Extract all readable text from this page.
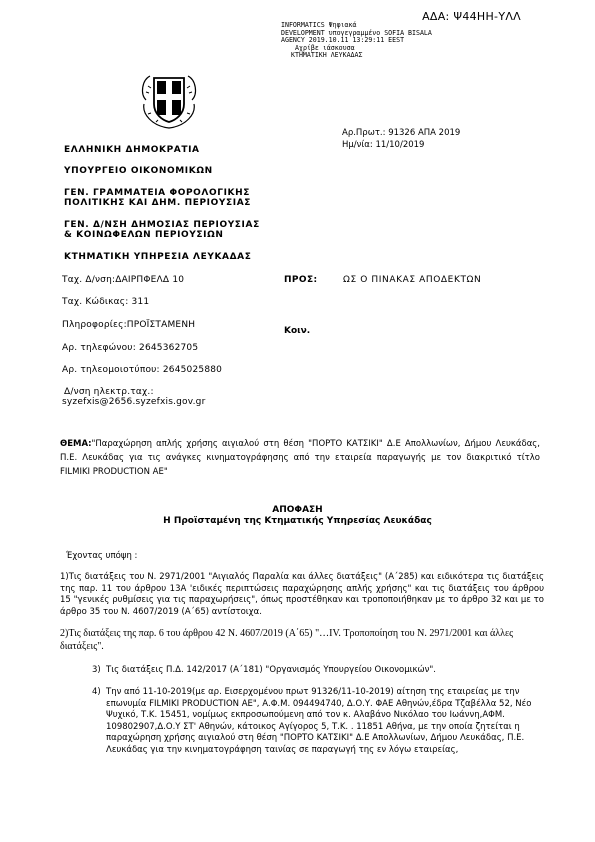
ΑΔΑ: Ψ44ΗΗ-ΥΛΛ
INFORMATICS Ψηφιακά
DEVELOPMENT υπογεγραμμένο SOFIA BISALA
AGENCY 2019.10.11 13:29:11 EEST
Αχρίβε ιάσκουσα
ΚΤΗΜΑΤΙΚΗ ΛΕΥΚΑΔΑΣ
ΕΛΛΗΝΙΚΗ ΔΗΜΟΚΡΑΤΙΑ
ΥΠΟΥΡΓΕΙΟ ΟΙΚΟΝΟΜΙΚΩΝ
ΓΕΝ. ΓΡΑΜΜΑΤΕΙΑ ΦΟΡΟΛΟΓΙΚΗΣ
ΠΟΛΙΤΙΚΗΣ ΚΑΙ ΔΗΜ. ΠΕΡΙΟΥΣΙΑΣ
ΓΕΝ. Δ/ΝΣΗ ΔΗΜΟΣΙΑΣ ΠΕΡΙΟΥΣΙΑΣ
& ΚΟΙΝΩΦΕΛΩΝ ΠΕΡΙΟΥΣΙΩΝ
ΚΤΗΜΑΤΙΚΗ ΥΠΗΡΕΣΙΑ ΛΕΥΚΑΔΑΣ
Αρ.Πρωτ.: 91326 ΑΠΑ 2019
Ημ/νία: 11/10/2019
Ταχ. Δ/νση:ΔΑΙΡΠΦΕΛΔ 10
Ταχ. Κώδικας: 311
Πληροφορίες:ΠΡΟΪΣΤΑΜΕΝΗ
Αρ. τηλεφώνου: 2645362705
Αρ. τηλεομοιοτύπου: 2645025880
Δ/νση ηλεκτρ.ταχ.:
syzefxis@2656.syzefxis.gov.gr
ΠΡΟΣ:	ΩΣ Ο ΠΙΝΑΚΑΣ ΑΠΟΔΕΚΤΩΝ
Κοιν.
ΘΕΜΑ:"Παραχώρηση απλής χρήσης αιγιαλού στη θέση "ΠΟΡΤΟ ΚΑΤΣΙΚΙ" Δ.Ε Απολλωνίων, Δήμου Λευκάδας, Π.Ε. Λευκάδας για τις ανάγκες κινηματογράφησης από την εταιρεία παραγωγής με τον διακριτικό τίτλο FILMIKI PRODUCTION AE"
ΑΠΟΦΑΣΗ
Η Προϊσταμένη της Κτηματικής Υπηρεσίας Λευκάδας
Έχοντας υπόψη :
1)Τις διατάξεις του Ν. 2971/2001 "Αιγιαλός Παραλία και άλλες διατάξεις" (Α΄285) και ειδικότερα τις διατάξεις της παρ. 11 του άρθρου 13Α 'ειδικές περιπτώσεις παραχώρησης απλής χρήσης" και τις διατάξεις του άρθρου 15 "γενικές ρυθμίσεις για τις παραχωρήσεις", όπως προστέθηκαν και τροποποιήθηκαν με το άρθρο 32 και με το άρθρο 35 του Ν. 4607/2019 (Α΄65) αντίστοιχα.
2)Τις διατάξεις της παρ. 6 του άρθρου 42 Ν. 4607/2019 (Α΄65) "…IV. Τροποποίηση του Ν. 2971/2001 και άλλες διατάξεις".
3) Τις διατάξεις Π.Δ. 142/2017 (Α΄181) "Οργανισμός Υπουργείου Οικονομικών".
4) Την από 11-10-2019(με αρ. Εισερχομένου πρωτ 91326/11-10-2019) αίτηση της εταιρείας με την επωνυμία FILMIKI PRODUCTION AE", Α.Φ.Μ. 094494740, Δ.Ο.Υ. ΦΑΕ Αθηνών,έδρα Τζαβέλλα 52, Νέο Ψυχικό, Τ.Κ. 15451, νομίμως εκπροσωπούμενη από τον κ. Αλαβάνο Νικόλαο του Ιωάννη,ΑΦΜ. 109802907,Δ.Ο.Υ ΣΤ' Αθηνών, κάτοικος Αγίγορος 5, Τ.Κ. . 11851 Αθήνα, με την οποία ζητείται η παραχώρηση χρήσης αιγιαλού στη θέση "ΠΟΡΤΟ ΚΑΤΣΙΚΙ" Δ.Ε Απολλωνίων, Δήμου Λευκάδας, Π.Ε. Λευκάδας για την κινηματογράφηση ταινίας σε παραγωγή της εν λόγω εταιρείας,
